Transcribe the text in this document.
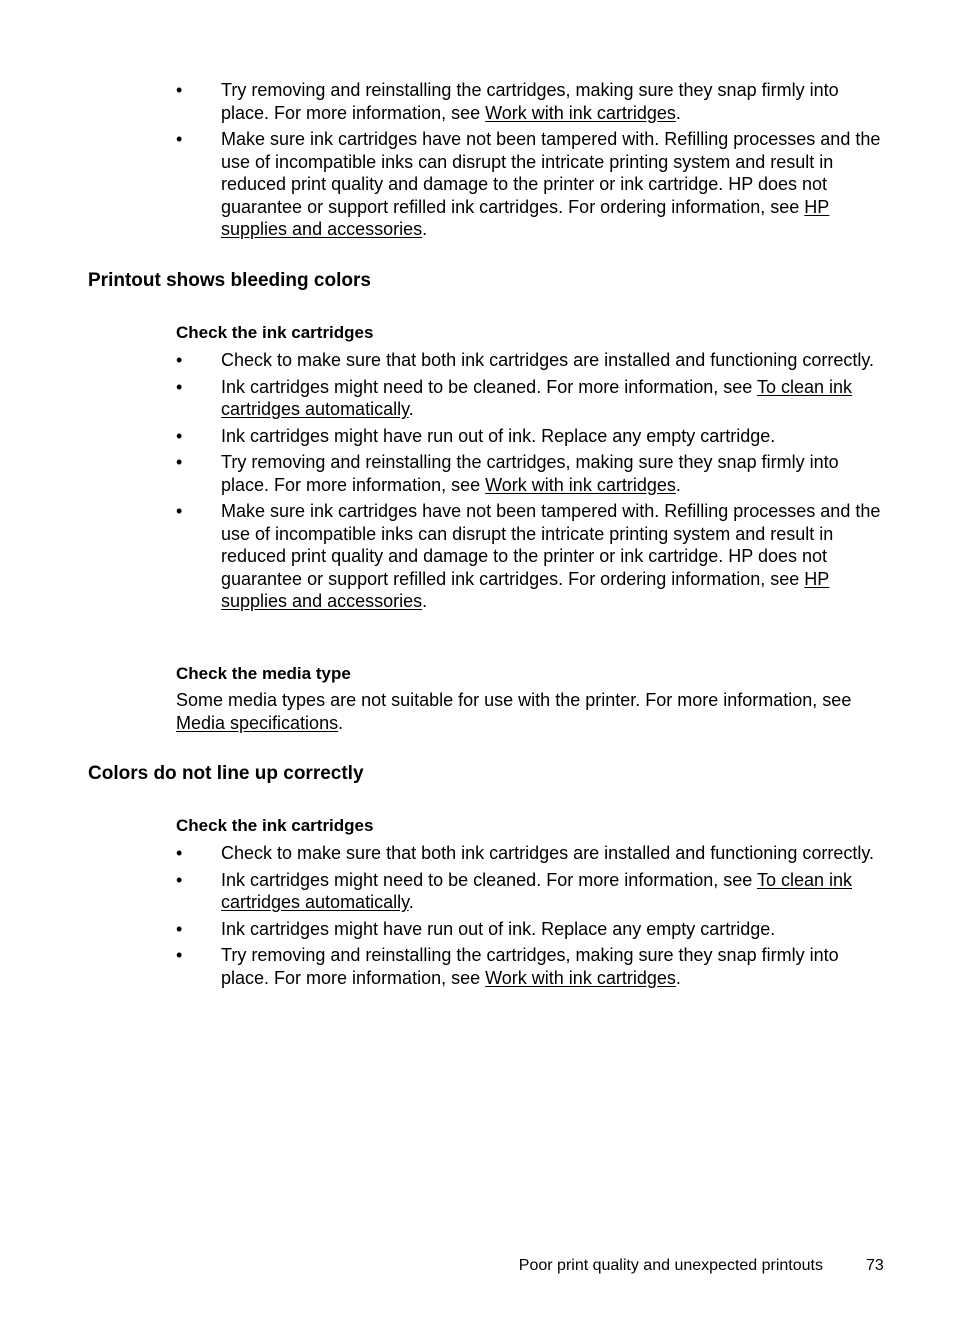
• Try removing and reinstalling the cartridges, making sure they snap firmly into place. For more information, see Work with ink cartridges.
• Make sure ink cartridges have not been tampered with. Refilling processes and the use of incompatible inks can disrupt the intricate printing system and result in reduced print quality and damage to the printer or ink cartridge. HP does not guarantee or support refilled ink cartridges. For ordering information, see HP supplies and accessories.
Printout shows bleeding colors
Check the ink cartridges
• Check to make sure that both ink cartridges are installed and functioning correctly.
• Ink cartridges might need to be cleaned. For more information, see To clean ink cartridges automatically.
• Ink cartridges might have run out of ink. Replace any empty cartridge.
• Try removing and reinstalling the cartridges, making sure they snap firmly into place. For more information, see Work with ink cartridges.
• Make sure ink cartridges have not been tampered with. Refilling processes and the use of incompatible inks can disrupt the intricate printing system and result in reduced print quality and damage to the printer or ink cartridge. HP does not guarantee or support refilled ink cartridges. For ordering information, see HP supplies and accessories.
Check the media type

Some media types are not suitable for use with the printer. For more information, see Media specifications.

Colors do not line up correctly
Check the ink cartridges
• Check to make sure that both ink cartridges are installed and functioning correctly.
• Ink cartridges might need to be cleaned. For more information, see To clean ink cartridges automatically.
• Ink cartridges might have run out of ink. Replace any empty cartridge.
• Try removing and reinstalling the cartridges, making sure they snap firmly into place. For more information, see Work with ink cartridges.
Poor print quality and unexpected printouts	73
